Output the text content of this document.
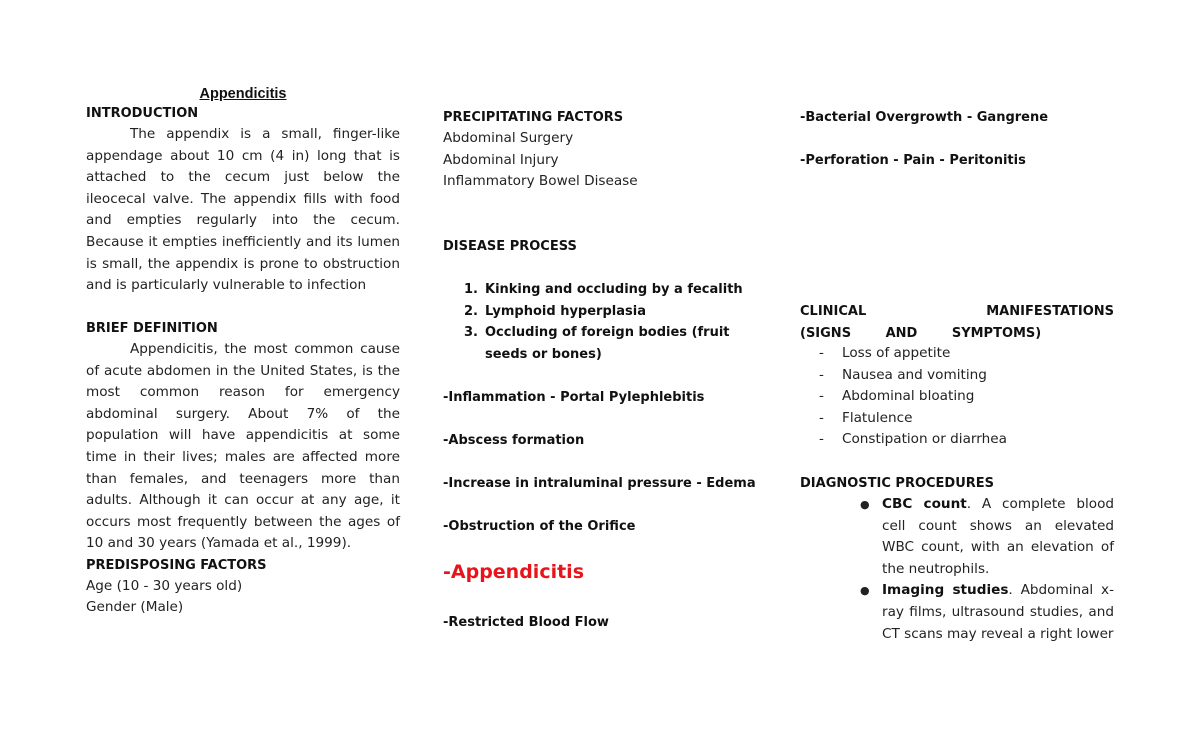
Appendicitis
INTRODUCTION

The appendix is a small, finger-like appendage about 10 cm (4 in) long that is attached to the cecum just below the ileocecal valve. The appendix fills with food and empties regularly into the cecum. Because it empties inefficiently and its lumen is small, the appendix is prone to obstruction and is particularly vulnerable to infection

BRIEF DEFINITION

Appendicitis, the most common cause of acute abdomen in the United States, is the most common reason for emergency abdominal surgery. About 7% of the population will have appendicitis at some time in their lives; males are affected more than females, and teenagers more than adults. Although it can occur at any age, it occurs most frequently between the ages of 10 and 30 years (Yamada et al., 1999).

PREDISPOSING FACTORS
Age (10 - 30 years old)
Gender (Male)
PRECIPITATING FACTORS
Abdominal Surgery
Abdominal Injury
Inflammatory Bowel Disease
DISEASE PROCESS
1. Kinking and occluding by a fecalith
2. Lymphoid hyperplasia
3. Occluding of foreign bodies (fruit seeds or bones)
-Inflammation - Portal Pylephlebitis
-Abscess formation
-Increase in intraluminal pressure - Edema
-Obstruction of the Orifice
-Appendicitis
-Restricted Blood Flow
-Bacterial Overgrowth - Gangrene
-Perforation - Pain - Peritonitis
CLINICAL MANIFESTATIONS (SIGNS AND SYMPTOMS)
- Loss of appetite
- Nausea and vomiting
- Abdominal bloating
- Flatulence
- Constipation or diarrhea
DIAGNOSTIC PROCEDURES
● CBC count. A complete blood cell count shows an elevated WBC count, with an elevation of the neutrophils.
● Imaging studies. Abdominal x-ray films, ultrasound studies, and CT scans may reveal a right lower
